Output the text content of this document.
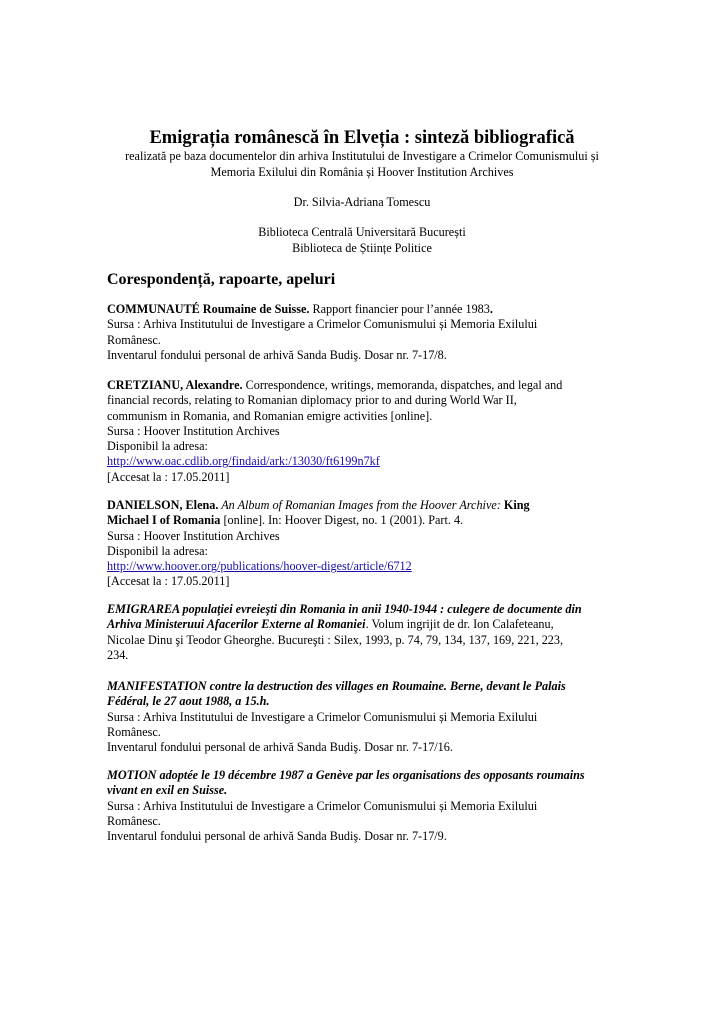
Emigrația românescă în Elveția : sinteză bibliografică
realizată pe baza documentelor din arhiva Institutului de Investigare a Crimelor Comunismului și
Memoria Exilului din România și Hoover Institution Archives
Dr. Silvia-Adriana Tomescu
Biblioteca Centrală Universitară București
Biblioteca de Științe Politice
Corespondență, rapoarte, apeluri
COMMUNAUTÉ Roumaine de Suisse. Rapport financier pour l’année 1983.
Sursa : Arhiva Institutului de Investigare a Crimelor Comunismului și Memoria Exilului
Românesc.
Inventarul fondului personal de arhivă Sanda Budiş. Dosar nr. 7-17/8.
CRETZIANU, Alexandre. Correspondence, writings, memoranda, dispatches, and legal and
financial records, relating to Romanian diplomacy prior to and during World War II,
communism in Romania, and Romanian emigre activities [online].
Sursa : Hoover Institution Archives
Disponibil la adresa:
http://www.oac.cdlib.org/findaid/ark:/13030/ft6199n7kf
[Accesat la : 17.05.2011]
DANIELSON, Elena. An Album of Romanian Images from the Hoover Archive: King
Michael I of Romania [online]. In: Hoover Digest, no. 1 (2001). Part. 4.
Sursa : Hoover Institution Archives
Disponibil la adresa:
http://www.hoover.org/publications/hoover-digest/article/6712
[Accesat la : 17.05.2011]
EMIGRAREA populaţiei evreieşti din Romania in anii 1940-1944 : culegere de documente din
Arhiva Ministeruui Afacerilor Externe al Romaniei. Volum ingrijit de dr. Ion Calafeteanu,
Nicolae Dinu şi Teodor Gheorghe. Bucureşti : Silex, 1993, p. 74, 79, 134, 137, 169, 221, 223,
234.
MANIFESTATION contre la destruction des villages en Roumaine. Berne, devant le Palais
Fédéral, le 27 aout 1988, a 15.h.
Sursa : Arhiva Institutului de Investigare a Crimelor Comunismului și Memoria Exilului
Românesc.
Inventarul fondului personal de arhivă Sanda Budiş. Dosar nr. 7-17/16.
MOTION adoptée le 19 décembre 1987 a Genève par les organisations des opposants roumains
vivant en exil en Suisse.
Sursa : Arhiva Institutului de Investigare a Crimelor Comunismului și Memoria Exilului
Românesc.
Inventarul fondului personal de arhivă Sanda Budiş. Dosar nr. 7-17/9.
